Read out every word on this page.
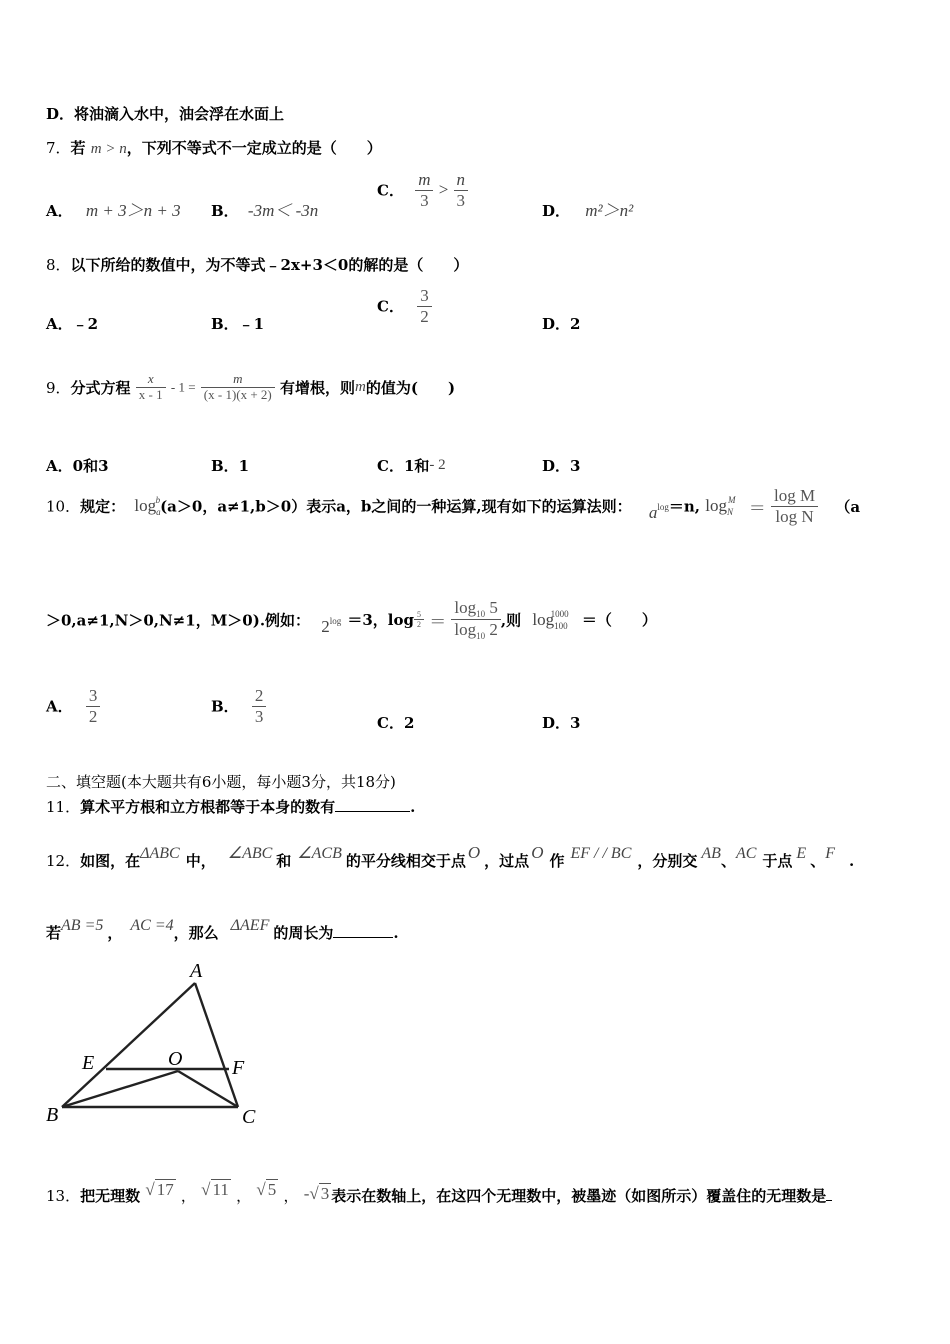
D．将油滴入水中，油会浮在水面上
7．若 m > n，下列不等式不一定成立的是（　　）
A． m + 3＞n + 3 B． -3m＜ -3n
C． $\frac{m}{3} > \frac{n}{3}$
D． m²＞n²
8．以下所给的数值中，为不等式﹣2x+3＜0的解的是（　　）
A．﹣2	B．﹣1
C． $\frac{3}{2}$	D．2
9．分式方程 $\frac{x}{x - 1} - 1 = \frac{m}{(x - 1)(x + 2)}$ 有增根，则m的值为(　　)
A．0和3	B．1	C．1和- 2	D．3
10．规定： $\log_a^b(a>0$，a≠1,b＞0）表示a，b之间的一种运算,现有如下的运算法则： $a^{log}=n$, $\log_N^M = \frac{\text{log M}}{\text{log N}} (a$
＞0,a≠1,N＞0,N≠1，M＞0).例如： $2^{log} =3$，$\log \frac{5}{2} = \frac{\log_{10} 5}{\log_{10} 2}$ ,则 $\log_{100}^{1000}$ ＝（　　）
A． $\frac{3}{2}$	B． $\frac{2}{3}$	C．2	D．3
二、填空题(本大题共有6小题，每小题3分，共18分)
11．算术平方根和立方根都等于本身的数有	.
12．如图，在ΔABC 中， ∠ABC 和 ∠ACB 的平分线相交于点 O ，过点 O 作 EF / / BC ，分别交 AB、AC 于点 E 、F .
若AB =5 ， AC =4，那么 ΔAEF 的周长为	.
A
B	C
E	F
O
13．把无理数 √ 17 ， √ 11 ， √ 5 ， -√ 3 表示在数轴上，在这四个无理数中，被墨迹（如图所示）覆盖住的无理数是
